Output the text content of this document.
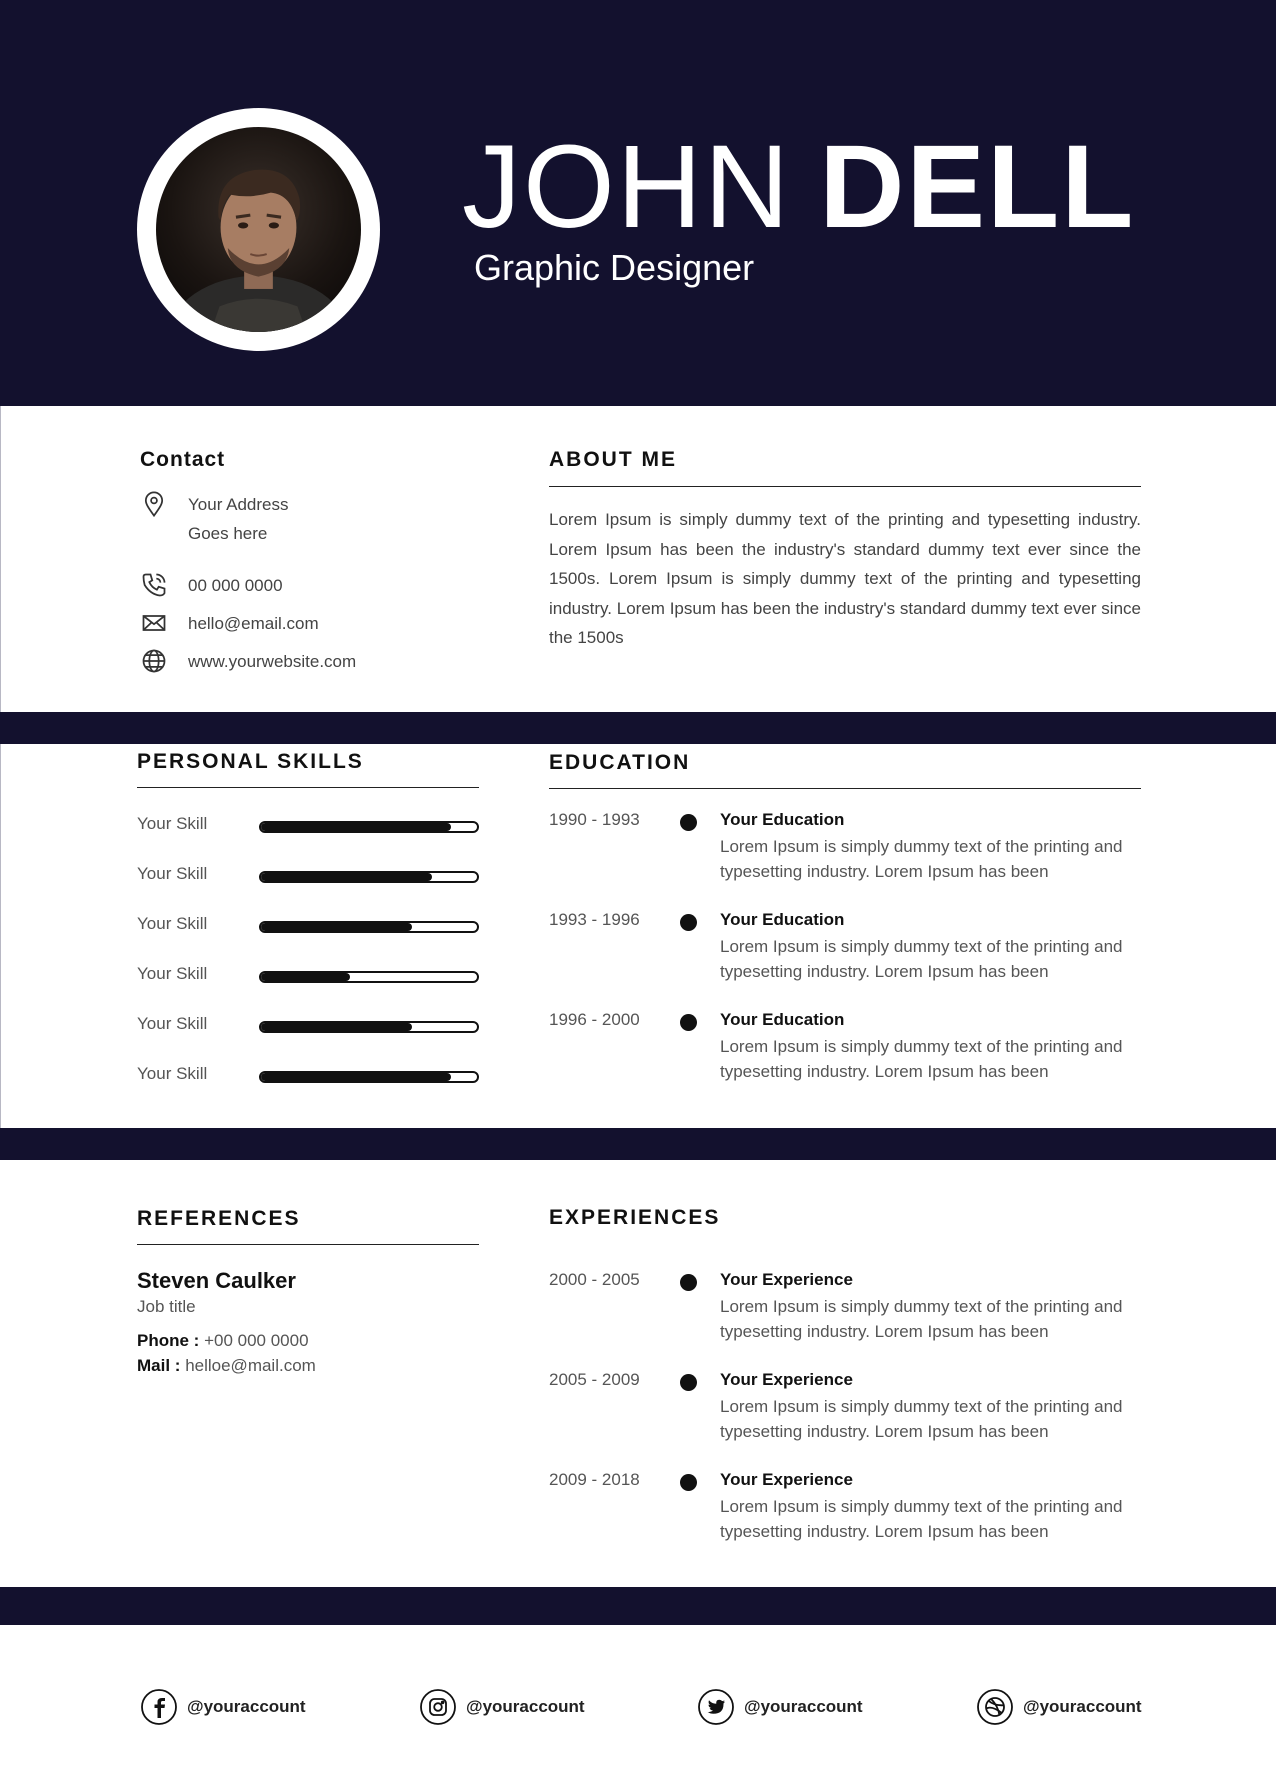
JOHN DELL
Graphic Designer
Contact
Your Address
Goes here
00 000 0000
hello@email.com
www.yourwebsite.com
ABOUT ME
Lorem Ipsum is simply dummy text of the printing and typesetting industry. Lorem Ipsum has been the industry's standard dummy text ever since the 1500s. Lorem Ipsum is simply dummy text of the printing and typesetting industry. Lorem Ipsum has been the industry's standard dummy text ever since the 1500s
PERSONAL SKILLS
Your Skill
Your Skill
Your Skill
Your Skill
Your Skill
Your Skill
EDUCATION
1990 - 1993	Your Education
Lorem Ipsum is simply dummy text of the printing and typesetting industry. Lorem Ipsum has been
1993 - 1996	Your Education
Lorem Ipsum is simply dummy text of the printing and typesetting industry. Lorem Ipsum has been
1996 - 2000	Your Education
Lorem Ipsum is simply dummy text of the printing and typesetting industry. Lorem Ipsum has been
REFERENCES
Steven Caulker
Job title
Phone : +00 000 0000
Mail : helloe@mail.com
EXPERIENCES
2000 - 2005	Your Experience
Lorem Ipsum is simply dummy text of the printing and typesetting industry. Lorem Ipsum has been
2005 - 2009	Your Experience
Lorem Ipsum is simply dummy text of the printing and typesetting industry. Lorem Ipsum has been
2009 - 2018	Your Experience
Lorem Ipsum is simply dummy text of the printing and typesetting industry. Lorem Ipsum has been
@youraccount	@youraccount	@youraccount	@youraccount
